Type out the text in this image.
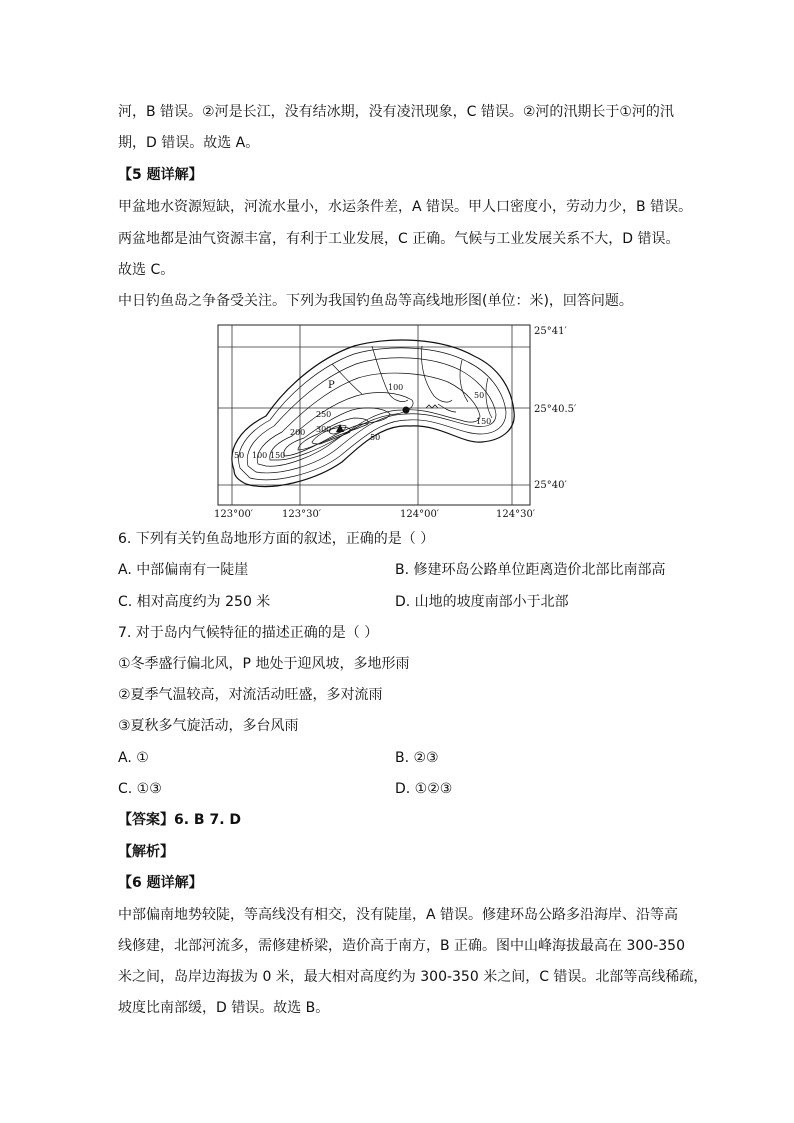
河，B 错误。②河是长江，没有结冰期，没有凌汛现象，C 错误。②河的汛期长于①河的汛
期，D 错误。故选 A。
【5 题详解】
甲盆地水资源短缺，河流水量小，水运条件差，A 错误。甲人口密度小，劳动力少，B 错误。
两盆地都是油气资源丰富，有利于工业发展，C 正确。气候与工业发展关系不大，D 错误。
故选 C。
中日钓鱼岛之争备受关注。下列为我国钓鱼岛等高线地形图(单位：米)，回答问题。
P	100
50
150
250
300
200
50
50 100 150
25°41′
25°40.5′
25°40′
123°00′	123°30′	124°00′	124°30′
6. 下列有关钓鱼岛地形方面的叙述，正确的是（ ）
A. 中部偏南有一陡崖	B. 修建环岛公路单位距离造价北部比南部高
C. 相对高度约为 250 米	D. 山地的坡度南部小于北部
7. 对于岛内气候特征的描述正确的是（ ）
①冬季盛行偏北风，P 地处于迎风坡，多地形雨
②夏季气温较高，对流活动旺盛，多对流雨
③夏秋多气旋活动，多台风雨
A. ①	B. ②③
C. ①③	D. ①②③
【答案】6. B 7. D
【解析】
【6 题详解】
中部偏南地势较陡，等高线没有相交，没有陡崖，A 错误。修建环岛公路多沿海岸、沿等高
线修建，北部河流多，需修建桥梁，造价高于南方，B 正确。图中山峰海拔最高在 300-350
米之间，岛岸边海拔为 0 米，最大相对高度约为 300-350 米之间，C 错误。北部等高线稀疏，
坡度比南部缓，D 错误。故选 B。
